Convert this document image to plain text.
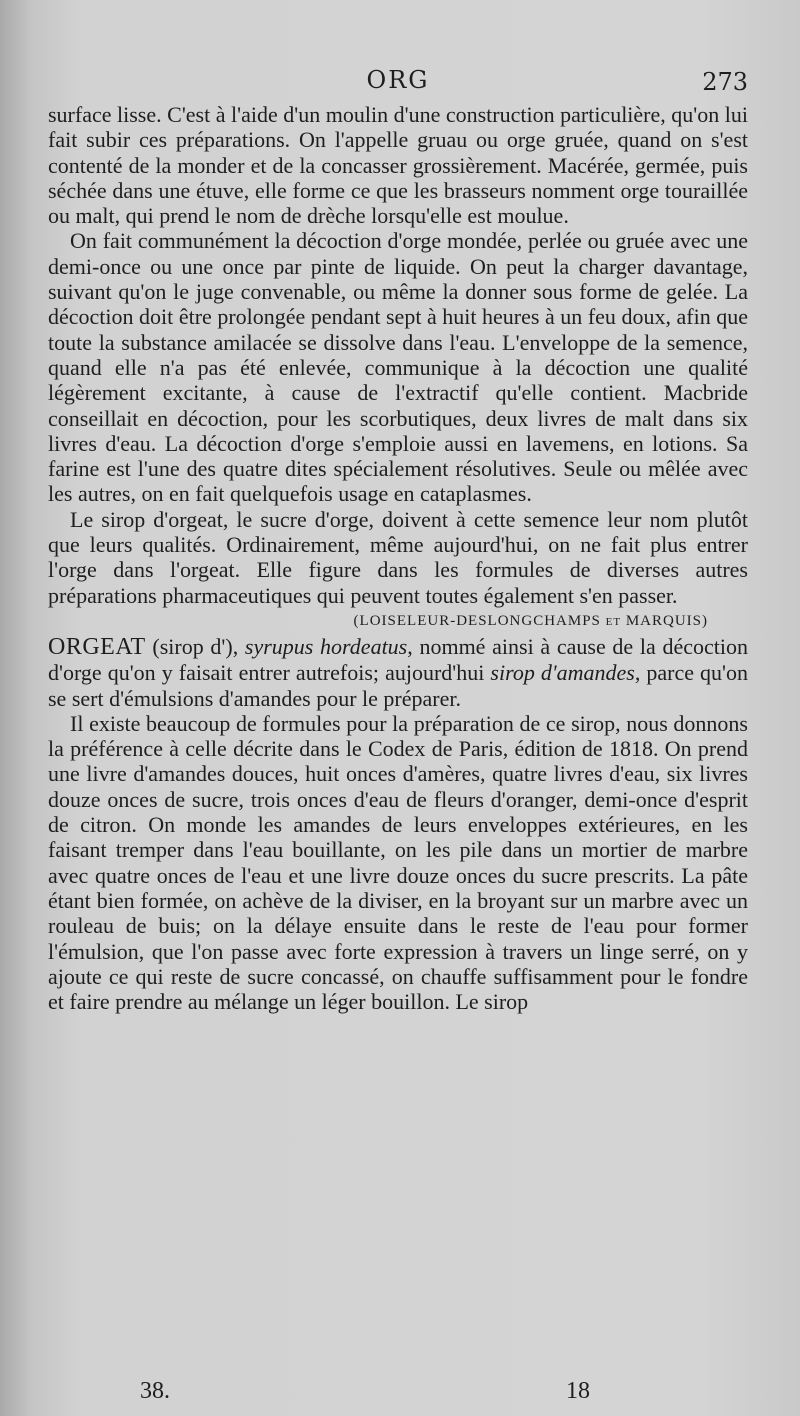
ORG	273

surface lisse. C'est à l'aide d'un moulin d'une construction particulière, qu'on lui fait subir ces préparations. On l'appelle gruau ou orge gruée, quand on s'est contenté de la monder et de la concasser grossièrement. Macérée, germée, puis séchée dans une étuve, elle forme ce que les brasseurs nomment orge touraillée ou malt, qui prend le nom de drèche lorsqu'elle est moulue.

On fait communément la décoction d'orge mondée, perlée ou gruée avec une demi-once ou une once par pinte de liquide. On peut la charger davantage, suivant qu'on le juge convenable, ou même la donner sous forme de gelée. La décoction doit être prolongée pendant sept à huit heures à un feu doux, afin que toute la substance amilacée se dissolve dans l'eau. L'enveloppe de la semence, quand elle n'a pas été enlevée, communique à la décoction une qualité légèrement excitante, à cause de l'extractif qu'elle contient. Macbride conseillait en décoction, pour les scorbutiques, deux livres de malt dans six livres d'eau. La décoction d'orge s'emploie aussi en lavemens, en lotions. Sa farine est l'une des quatre dites spécialement résolutives. Seule ou mêlée avec les autres, on en fait quelquefois usage en cataplasmes.

Le sirop d'orgeat, le sucre d'orge, doivent à cette semence leur nom plutôt que leurs qualités. Ordinairement, même aujourd'hui, on ne fait plus entrer l'orge dans l'orgeat. Elle figure dans les formules de diverses autres préparations pharmaceutiques qui peuvent toutes également s'en passer.

(LOISELEUR-DESLONGCHAMPS et MARQUIS)

ORGEAT (sirop d'), syrupus hordeatus, nommé ainsi à cause de la décoction d'orge qu'on y faisait entrer autrefois; aujourd'hui sirop d'amandes, parce qu'on se sert d'émulsions d'amandes pour le préparer.

Il existe beaucoup de formules pour la préparation de ce sirop, nous donnons la préférence à celle décrite dans le Codex de Paris, édition de 1818. On prend une livre d'amandes douces, huit onces d'amères, quatre livres d'eau, six livres douze onces de sucre, trois onces d'eau de fleurs d'oranger, demi-once d'esprit de citron. On monde les amandes de leurs enveloppes extérieures, en les faisant tremper dans l'eau bouillante, on les pile dans un mortier de marbre avec quatre onces de l'eau et une livre douze onces du sucre prescrits. La pâte étant bien formée, on achève de la diviser, en la broyant sur un marbre avec un rouleau de buis; on la délaye ensuite dans le reste de l'eau pour former l'émulsion, que l'on passe avec forte expression à travers un linge serré, on y ajoute ce qui reste de sucre concassé, on chauffe suffisamment pour le fondre et faire prendre au mélange un léger bouillon. Le sirop

38.	18
